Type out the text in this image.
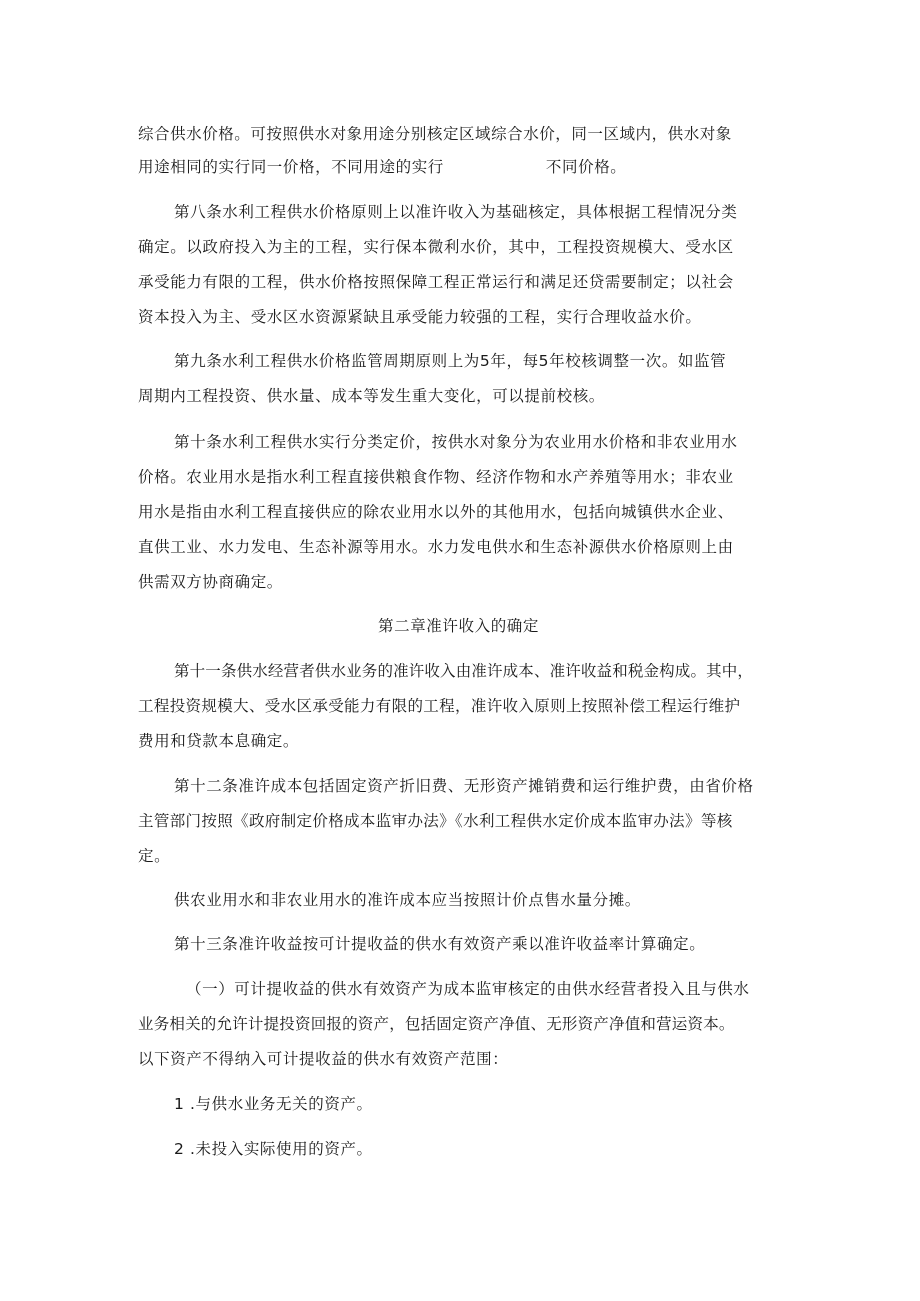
综合供水价格。可按照供水对象用途分别核定区域综合水价，同一区域内，供水对象
用途相同的实行同一价格，不同用途的实行	不同价格。
第八条水利工程供水价格原则上以准许收入为基础核定，具体根据工程情况分类
确定。以政府投入为主的工程，实行保本微利水价，其中，工程投资规模大、受水区
承受能力有限的工程，供水价格按照保障工程正常运行和满足还贷需要制定；以社会
资本投入为主、受水区水资源紧缺且承受能力较强的工程，实行合理收益水价。
第九条水利工程供水价格监管周期原则上为5年，每5年校核调整一次。如监管
周期内工程投资、供水量、成本等发生重大变化，可以提前校核。
第十条水利工程供水实行分类定价，按供水对象分为农业用水价格和非农业用水
价格。农业用水是指水利工程直接供粮食作物、经济作物和水产养殖等用水；非农业
用水是指由水利工程直接供应的除农业用水以外的其他用水，包括向城镇供水企业、
直供工业、水力发电、生态补源等用水。水力发电供水和生态补源供水价格原则上由
供需双方协商确定。
第二章准许收入的确定
第十一条供水经营者供水业务的准许收入由准许成本、准许收益和税金构成。其中，
工程投资规模大、受水区承受能力有限的工程，准许收入原则上按照补偿工程运行维护
费用和贷款本息确定。
第十二条准许成本包括固定资产折旧费、无形资产摊销费和运行维护费，由省价格
主管部门按照《政府制定价格成本监审办法》《水利工程供水定价成本监审办法》等核
定。
供农业用水和非农业用水的准许成本应当按照计价点售水量分摊。
第十三条准许收益按可计提收益的供水有效资产乘以准许收益率计算确定。
（一）可计提收益的供水有效资产为成本监审核定的由供水经营者投入且与供水
业务相关的允许计提投资回报的资产，包括固定资产净值、无形资产净值和营运资本。
以下资产不得纳入可计提收益的供水有效资产范围：
1 .与供水业务无关的资产。
2 .未投入实际使用的资产。
